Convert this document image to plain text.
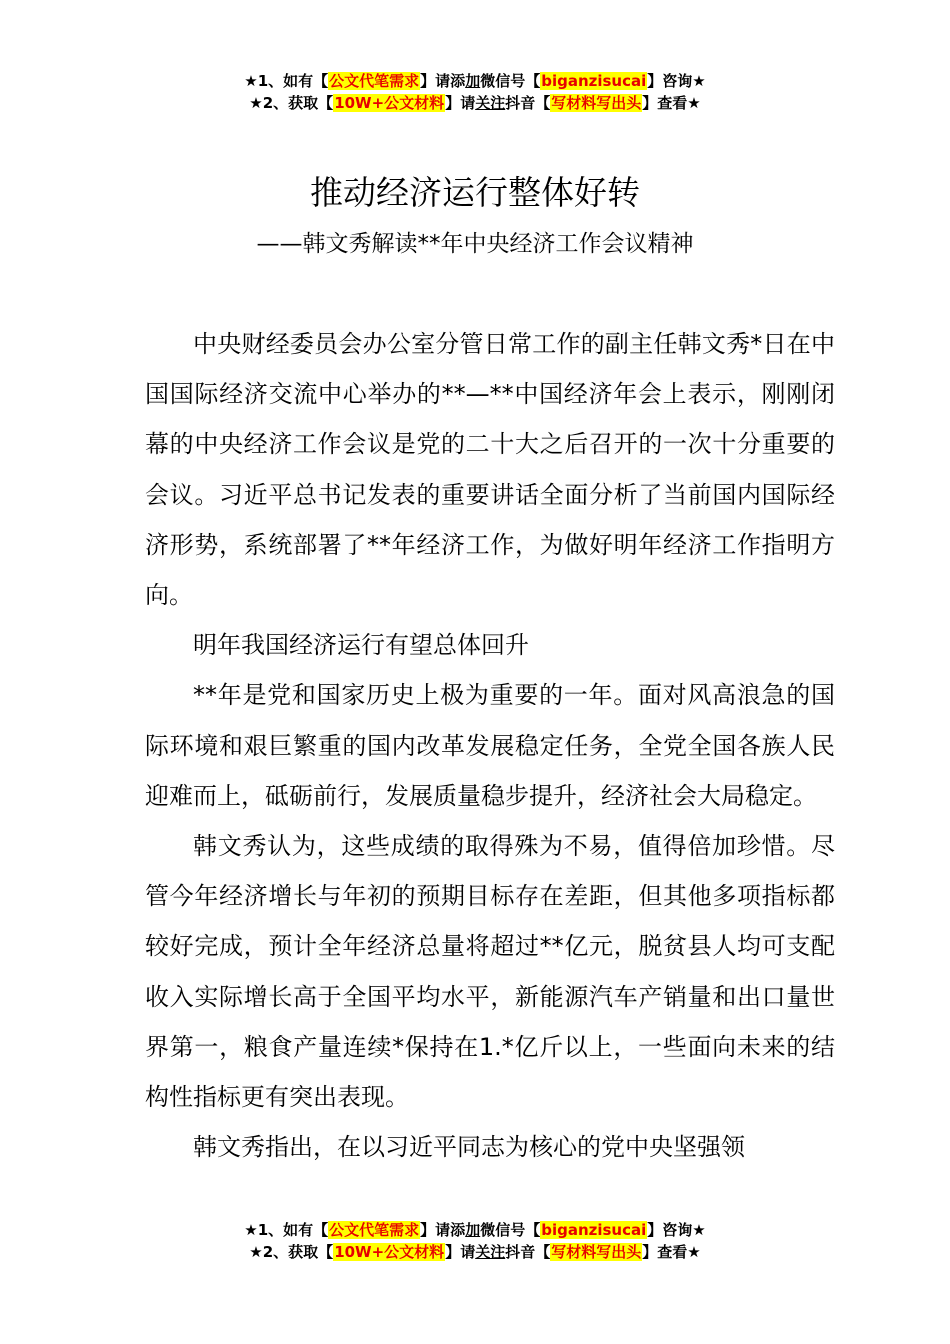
★1、如有【公文代笔需求】请添加微信号【biganzisucai】咨询★
★2、获取【10W+公文材料】请关注抖音【写材料写出头】查看★
推动经济运行整体好转
——韩文秀解读**年中央经济工作会议精神

中央财经委员会办公室分管日常工作的副主任韩文秀*日在中国国际经济交流中心举办的**—**中国经济年会上表示，刚刚闭幕的中央经济工作会议是党的二十大之后召开的一次十分重要的会议。习近平总书记发表的重要讲话全面分析了当前国内国际经济形势，系统部署了**年经济工作，为做好明年经济工作指明方向。

明年我国经济运行有望总体回升

**年是党和国家历史上极为重要的一年。面对风高浪急的国际环境和艰巨繁重的国内改革发展稳定任务，全党全国各族人民迎难而上，砥砺前行，发展质量稳步提升，经济社会大局稳定。

韩文秀认为，这些成绩的取得殊为不易，值得倍加珍惜。尽管今年经济增长与年初的预期目标存在差距，但其他多项指标都较好完成，预计全年经济总量将超过**亿元，脱贫县人均可支配收入实际增长高于全国平均水平，新能源汽车产销量和出口量世界第一，粮食产量连续*保持在1.*亿斤以上，一些面向未来的结构性指标更有突出表现。

韩文秀指出，在以习近平同志为核心的党中央坚强领

★1、如有【公文代笔需求】请添加微信号【biganzisucai】咨询★
★2、获取【10W+公文材料】请关注抖音【写材料写出头】查看★
